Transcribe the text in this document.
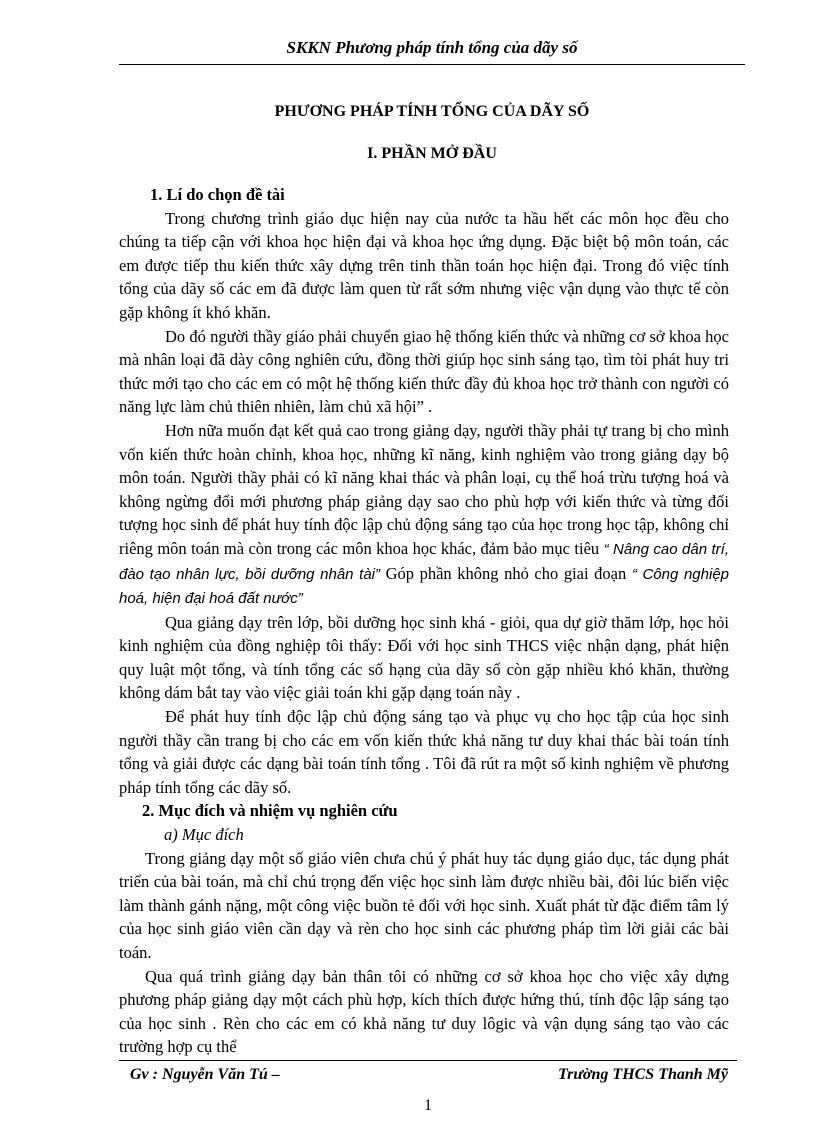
SKKN Phương pháp tính tổng của dãy số
PHƯƠNG PHÁP TÍNH TỔNG CỦA DÃY SỐ
I. PHẦN MỞ ĐẦU
1. Lí do chọn đề tài

Trong chương trình giáo dục hiện nay của nước ta hầu hết các môn học đều cho chúng ta tiếp cận với khoa học hiện đại và khoa học ứng dụng. Đặc biệt bộ môn toán, các em được tiếp thu kiến thức xây dựng trên tinh thần toán học hiện đại. Trong đó việc tính tổng của dãy số các em đã được làm quen từ rất sớm nhưng việc vận dụng vào thực tế còn gặp không ít khó khăn.

Do đó người thầy giáo phải chuyển giao hệ thống kiến thức và những cơ sở khoa học mà nhân loại đã dày công nghiên cứu, đồng thời giúp học sinh sáng tạo, tìm tòi phát huy tri thức mới tạo cho các em có một hệ thống kiến thức đầy đủ khoa học trở thành con người có năng lực làm chủ thiên nhiên, làm chủ xã hội” .

Hơn nữa muốn đạt kết quả cao trong giảng dạy, người thầy phải tự trang bị cho mình vốn kiến thức hoàn chỉnh, khoa học, những kĩ năng, kinh nghiệm vào trong giảng dạy bộ môn toán. Người thầy phải có kĩ năng khai thác và phân loại, cụ thể hoá trừu tượng hoá và không ngừng đổi mới phương pháp giảng dạy sao cho phù hợp với kiến thức và từng đối tượng học sinh để phát huy tính độc lập chủ động sáng tạo của học trong học tập, không chỉ riêng môn toán mà còn trong các môn khoa học khác, đảm bảo mục tiêu “ Nâng cao dân trí, đào tạo nhân lực, bồi dưỡng nhân tài” Góp phần không nhỏ cho giai đoạn “ Công nghiệp hoá, hiện đại hoá đất nước”

Qua giảng dạy trên lớp, bồi dưỡng học sinh khá - giỏi, qua dự giờ thăm lớp, học hỏi kinh nghiệm của đồng nghiệp tôi thấy: Đối với học sinh THCS việc nhận dạng, phát hiện quy luật một tổng, và tính tổng các số hạng của dãy số còn gặp nhiều khó khăn, thường không dám bắt tay vào việc giải toán khi gặp dạng toán này .

Để phát huy tính độc lập chủ động sáng tạo và phục vụ cho học tập của học sinh người thầy cần trang bị cho các em vốn kiến thức khả năng tư duy khai thác bài toán tính tổng và giải được các dạng bài toán tính tổng . Tôi đã rút ra một số kinh nghiệm về phương pháp tính tổng các dãy số.

2. Mục đích và nhiệm vụ nghiên cứu
a) Mục đích

Trong giảng dạy một số giáo viên chưa chú ý phát huy tác dụng giáo dục, tác dụng phát triển của bài toán, mà chỉ chú trọng đến việc học sinh làm được nhiều bài, đôi lúc biến việc làm thành gánh nặng, một công việc buồn tẻ đối với học sinh. Xuất phát từ đặc điểm tâm lý của học sinh giáo viên cần dạy và rèn cho học sinh các phương pháp tìm lời giải các bài toán.

Qua quá trình giảng dạy bản thân tôi có những cơ sở khoa học cho việc xây dựng phương pháp giảng dạy một cách phù hợp, kích thích được hứng thú, tính độc lập sáng tạo của học sinh . Rèn cho các em có khả năng tư duy lôgic và vận dụng sáng tạo vào các trường hợp cụ thể

Gv : Nguyễn Văn Tú –	Trường THCS Thanh Mỹ
1
